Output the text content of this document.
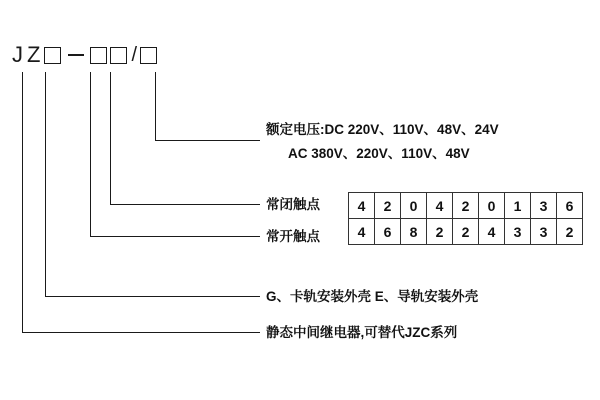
J Z	/
额定电压:DC 220V、110V、48V、24V
AC 380V、220V、110V、48V
常闭触点
常开触点
G、卡轨安装外壳 E、导轨安装外壳
静态中间继电器,可替代JZC系列
4	2	0	4	2	0	1	3	6
4	6	8	2	2	4	3	3	2
